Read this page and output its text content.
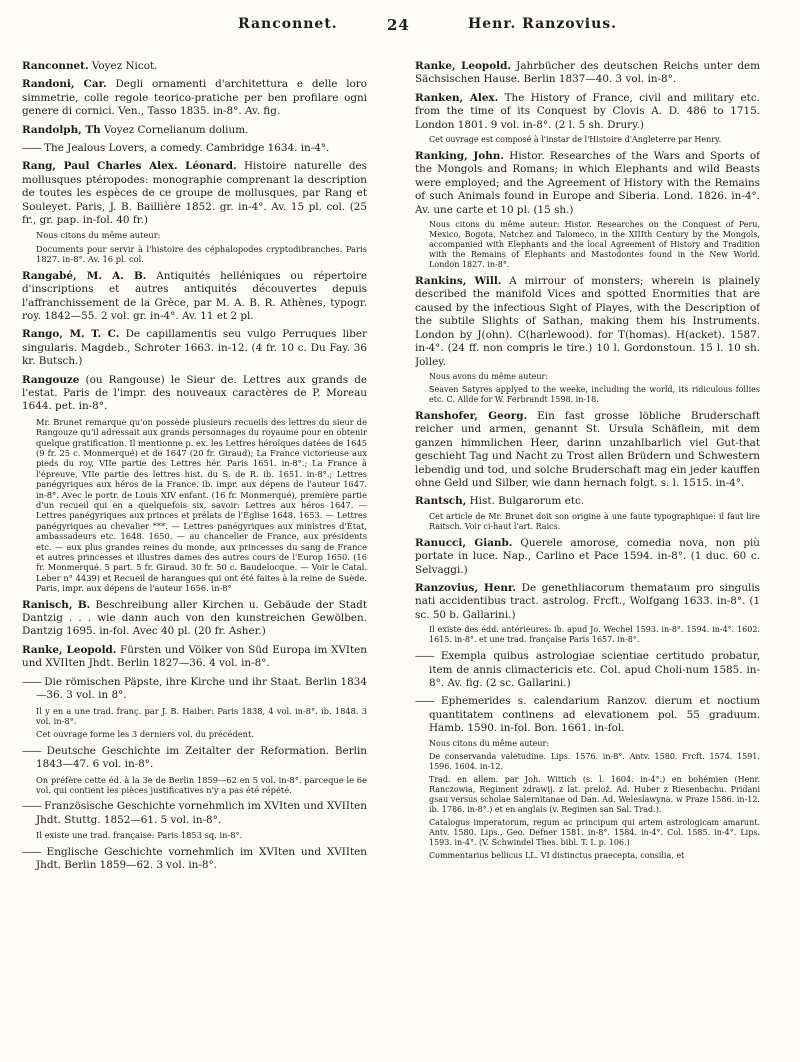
Ranconnet.	24	Henr. Ranzovius.
Ranconnet. Voyez Nicot.
Randoni, Car. Degli ornamenti d'architettura e delle loro simmetrie, colle regole teorico-pratiche per ben profilare ogni genere di cornici. Ven., Tasso 1835. in-8°. Av. fig.
Randolph, Th Voyez Cornelianum dolium.
—— The Jealous Lovers, a comedy. Cambridge 1634. in-4°.
Rang, Paul Charles Alex. Léonard. Histoire naturelle des mollusques ptéropodes: monographie comprenant la description de toutes les espèces de ce groupe de mollusques, par Rang et Souleyet. Paris, J. B. Baillière 1852. gr. in-4°. Av. 15 pl. col. (25 fr., gr. pap. in-fol. 40 fr.)
Nous citons du même auteur:
Documents pour servir à l'histoire des céphalopodes cryptodibranches. Paris 1827. in-8°. Av. 16 pl. col.
Rangabé, M. A. B. Antiquités helléniques ou répertoire d'inscriptions et autres antiquités découvertes depuis l'affranchissement de la Grèce, par M. A. B. R. Athènes, typogr. roy. 1842—55. 2 vol. gr. in-4°. Av. 11 et 2 pl.
Rango, M. T. C. De capillamentis seu vulgo Perruques liber singularis. Magdeb., Schroter 1663. in-12. (4 fr. 10 c. Du Fay. 36 kr. Butsch.)
Rangouze (ou Rangouse) le Sieur de. Lettres aux grands de l'estat. Paris de l'impr. des nouveaux caractères de P. Moreau 1644. pet. in-8°.
Mr. Brunet remarque qu'on possède plusieurs recueils des lettres du sieur de Rangouze qu'il adressait aux grands personnages du royaume pour en obtenir quelque gratification. Il mentionne p. ex. les Lettres héroïques datées de 1645 (9 fr. 25 c. Monmerqué) et de 1647 (20 fr. Giraud); La France victorieuse aux pieds du roy, VIIe partie des Lettres hér. Paris 1651. in-8°.; La France à l'épreuve, VIIe partie des lettres hist. du S. de R. ib. 1651. in-8°.; Lettres panégyriques aux héros de la France. ib. impr. aux dépens de l'auteur 1647. in-8°. Avec le portr. de Louis XIV enfant. (16 fr. Monmerqué), première partie d'un recueil qui en a quelquefois six, savoir: Lettres aux héros 1647. — Lettres panégyriques aux princes et prélats de l'Église 1648. 1653. — Lettres panégyriques au chevalier ***. — Lettres panégyriques aux ministres d'État, ambassadeurs etc. 1648. 1650. — au chancelier de France, aux présidents etc. — aux plus grandes reines du monde, aux princesses du sang de France et autres princesses et illustres dames des autres cours de l'Europ 1650. (16 fr. Monmerqué. 5 part. 5 fr. Giraud. 30 fr. 50 c. Baudelocque. — Voir le Catal. Leber n° 4439) et Recueil de harangues qui ont été faites à la reine de Suède. Paris, impr. aux dépens de l'auteur 1656. in-8°
Ranisch, B. Beschreibung aller Kirchen u. Gebäude der Stadt Dantzig . . . wie dann auch von den kunstreichen Gewölben. Dantzig 1695. in-fol. Avec 40 pl. (20 fr. Asher.)
Ranke, Leopold. Fürsten und Völker von Süd Europa im XVIten und XVIIten Jhdt. Berlin 1827—36. 4 vol. in-8°.
—— Die römischen Päpste, ihre Kirche und ihr Staat. Berlin 1834—36. 3 vol. in 8°.
Il y en a une trad. franç. par J. B. Haiber: Paris 1838, 4 vol. in-8°. ib. 1848. 3 vol. in-8°.
Cet ouvrage forme les 3 derniers vol. du précédent.
—— Deutsche Geschichte im Zeitalter der Reformation. Berlin 1843—47. 6 vol. in-8°.
On préfère cette éd. à la 3e de Berlin 1859—62 en 5 vol. in-8°. parceque le 6e vol. qui contient les pièces justificatives n'y a pas été répété.
—— Französische Geschichte vornehmlich im XVIten und XVIIten Jhdt. Stuttg. 1852—61. 5 vol. in-8°.
Il existe une trad. française: Paris 1853 sq. in-8°.
—— Englische Geschichte vornehmlich im XVIten und XVIIten Jhdt. Berlin 1859—62. 3 vol. in-8°.
Ranke, Leopold. Jahrbücher des deutschen Reichs unter dem Sächsischen Hause. Berlin 1837—40. 3 vol. in-8°.
Ranken, Alex. The History of France, civil and military etc. from the time of its Conquest by Clovis A. D. 486 to 1715. London 1801. 9 vol. in-8°. (2 l. 5 sh. Drury.)
Cet ouvrage est composé à l'instar de l'Histoire d'Angleterre par Henry.
Ranking, John. Histor. Researches of the Wars and Sports of the Mongols and Romans; in which Elephants and wild Beasts were employed; and the Agreement of History with the Remains of such Animals found in Europe and Siberia. Lond. 1826. in-4°. Av. une carte et 10 pl. (15 sh.)
Nous citons du même auteur: Histor. Researches on the Conquest of Peru, Mexico, Bogota, Natchez and Talomeco, in the XIIIth Century by the Mongols, accompanied with Elephants and the local Agreement of History and Tradition with the Remains of Elephants and Mastodontes found in the New World. London 1827. in-8°.
Rankins, Will. A mirrour of monsters; wherein is plainely described the manifold Vices and spotted Enormities that are caused by the infectious Sight of Playes, with the Description of the subtile Slights of Sathan, making them his Instruments. London by J(ohn). C(harlewood). for T(homas). H(acket). 1587. in-4°. (24 ff. non compris le tire.) 10 l. Gordonstoun. 15 l. 10 sh. Jolley.
Nous avons du même auteur:
Seaven Satyres applyed to the weeke, including the world, its ridiculous follies etc. C. Allde for W. Ferbrandt 1598. in-18.
Ranshofer, Georg. Ein fast grosse löbliche Bruderschaft reicher und armen, genannt St. Ursula Schäflein, mit dem ganzen himmlichen Heer, darinn unzahlbarlich viel Gut-that geschieht Tag und Nacht zu Trost allen Brüdern und Schwestern lebendig und tod, und solche Bruderschaft mag ein jeder kauffen ohne Geld und Silber, wie dann hernach folgt. s. l. 1515. in-4°.
Rantsch, Hist. Bulgarorum etc.
Cet article de Mr. Brunet doit son origine à une faute typographique: il faut lire Raitsch. Voir ci-haut l'art. Raics.
Ranucci, Gianb. Querele amorose, comedia nova, non più portate in luce. Nap., Carlino et Pace 1594. in-8°. (1 duc. 60 c. Selvaggi.)
Ranzovius, Henr. De genethliacorum themataum pro singulis nati accidentibus tract. astrolog. Frcft., Wolfgang 1633. in-8°. (1 sc. 50 b. Gallarini.)
Il existe des édd. antérieures: ib. apud Jo. Wechel 1593. in-8°. 1594. in-4°. 1602. 1615. in-8°. et une trad. française Paris 1657. in-8°.
—— Exempla quibus astrologiae scientiae certitudo probatur, item de annis climactericis etc. Col. apud Choli-num 1585. in-8°. Av. fig. (2 sc. Gallarini.)
—— Ephemerides s. calendarium Ranzov. dierum et noctium quantitatem continens ad elevationem pol. 55 graduum. Hamb. 1590. in-fol. Bon. 1661. in-fol.
Nous citons du même auteur:
De conservanda valetudine. Lips. 1576. in-8°. Antv. 1580. Frcft. 1574. 1591. 1596. 1604. in-12.
Trad. en allem. par Joh. Wittich (s. l. 1604. in-4°.) en bohémien (Henr. Ranczowia, Regiment zdrawij. z lat. prelož. Ad. Huber z Riesenbachu. Pridani gsau versus scholae Salernitanae od Dan. Ad. Weleslawyna. w Praze 1586. in-12. ib. 1786. in-8°.) et en anglais (v. Regimen san Sal. Trad.).
Catalogus imperatorum, regum ac principum qui artem astrologicam amarunt. Antv. 1580. Lips., Geo. Defner 1581. in-8°. 1584. in-4°. Col. 1585. in-4°. Lips. 1593. in-4°. (V. Schwindel Thes. bibl. T. I. p. 106.)
Commentarius bellicus LL. VI distinctus praecepta, consilia, et
